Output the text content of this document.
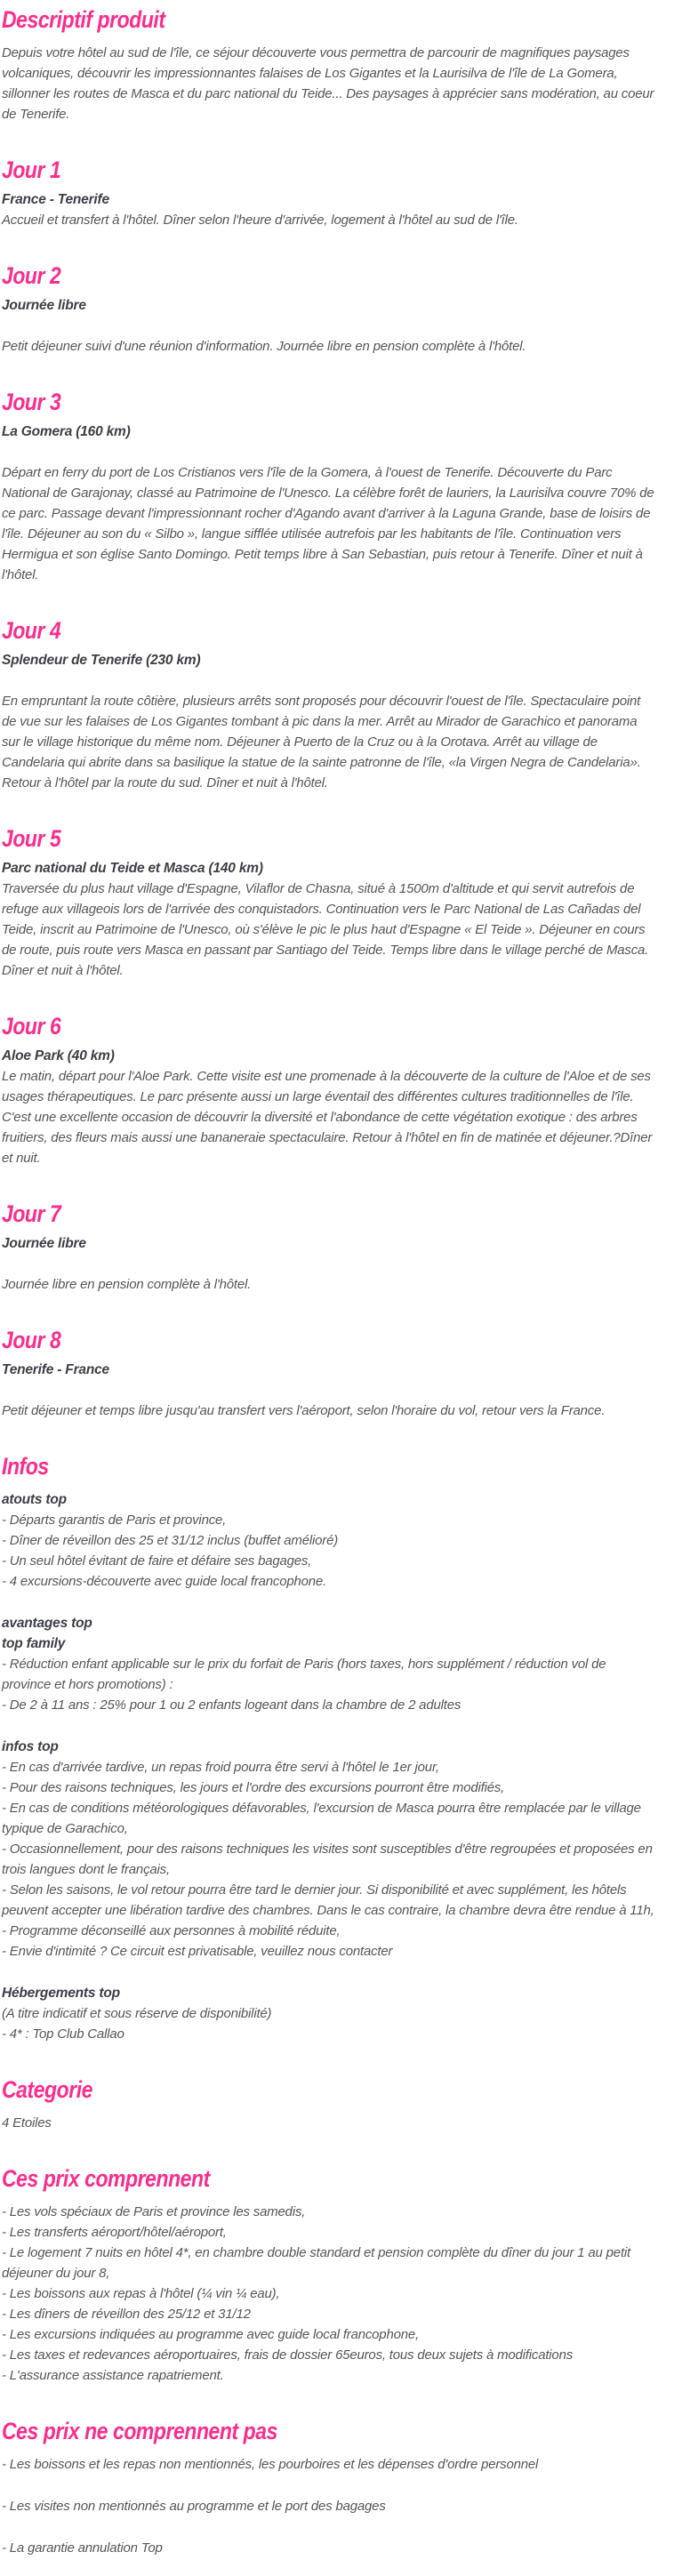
Descriptif produit

Depuis votre hôtel au sud de l'île, ce séjour découverte vous permettra de parcourir de magnifiques paysages volcaniques, découvrir les impressionnantes falaises de Los Gigantes et la Laurisilva de l'île de La Gomera, sillonner les routes de Masca et du parc national du Teide... Des paysages à apprécier sans modération, au coeur de Tenerife.

Jour 1
France - Tenerife

Accueil et transfert à l'hôtel. Dîner selon l'heure d'arrivée, logement à l'hôtel au sud de l'île.

Jour 2
Journée libre

Petit déjeuner suivi d'une réunion d'information. Journée libre en pension complète à l'hôtel.

Jour 3
La Gomera (160 km)

Départ en ferry du port de Los Cristianos vers l'île de la Gomera, à l'ouest de Tenerife. Découverte du Parc National de Garajonay, classé au Patrimoine de l'Unesco. La célèbre forêt de lauriers, la Laurisilva couvre 70% de ce parc. Passage devant l'impressionnant rocher d'Agando avant d'arriver à la Laguna Grande, base de loisirs de l'île. Déjeuner au son du « Silbo », langue sifflée utilisée autrefois par les habitants de l'île. Continuation vers Hermigua et son église Santo Domingo. Petit temps libre à San Sebastian, puis retour à Tenerife. Dîner et nuit à l'hôtel.

Jour 4
Splendeur de Tenerife (230 km)

En empruntant la route côtière, plusieurs arrêts sont proposés pour découvrir l'ouest de l'île. Spectaculaire point de vue sur les falaises de Los Gigantes tombant à pic dans la mer. Arrêt au Mirador de Garachico et panorama sur le village historique du même nom. Déjeuner à Puerto de la Cruz ou à la Orotava. Arrêt au village de Candelaria qui abrite dans sa basilique la statue de la sainte patronne de l'île, «la Virgen Negra de Candelaria». Retour à l'hôtel par la route du sud. Dîner et nuit à l'hôtel.

Jour 5
Parc national du Teide et Masca (140 km)

Traversée du plus haut village d'Espagne, Vilaflor de Chasna, situé à 1500m d'altitude et qui servit autrefois de refuge aux villageois lors de l'arrivée des conquistadors. Continuation vers le Parc National de Las Cañadas del Teide, inscrit au Patrimoine de l'Unesco, où s'élève le pic le plus haut d'Espagne « El Teide ». Déjeuner en cours de route, puis route vers Masca en passant par Santiago del Teide. Temps libre dans le village perché de Masca. Dîner et nuit à l'hôtel.

Jour 6
Aloe Park (40 km)

Le matin, départ pour l'Aloe Park. Cette visite est une promenade à la découverte de la culture de l'Aloe et de ses usages thérapeutiques. Le parc présente aussi un large éventail des différentes cultures traditionnelles de l'île. C'est une excellente occasion de découvrir la diversité et l'abondance de cette végétation exotique : des arbres fruitiers, des fleurs mais aussi une bananeraie spectaculaire. Retour à l'hôtel en fin de matinée et déjeuner.?Dîner et nuit.

Jour 7
Journée libre

Journée libre en pension complète à l'hôtel.

Jour 8
Tenerife - France

Petit déjeuner et temps libre jusqu'au transfert vers l'aéroport, selon l'horaire du vol, retour vers la France.

Infos
atouts top

- Départs garantis de Paris et province,

- Dîner de réveillon des 25 et 31/12 inclus (buffet amélioré)

- Un seul hôtel évitant de faire et défaire ses bagages,

- 4 excursions-découverte avec guide local francophone.

avantages top
top family

- Réduction enfant applicable sur le prix du forfait de Paris (hors taxes, hors supplément / réduction vol de province et hors promotions) :

- De 2 à 11 ans : 25% pour 1 ou 2 enfants logeant dans la chambre de 2 adultes

infos top

- En cas d'arrivée tardive, un repas froid pourra être servi à l'hôtel le 1er jour,

- Pour des raisons techniques, les jours et l'ordre des excursions pourront être modifiés,

- En cas de conditions météorologiques défavorables, l'excursion de Masca pourra être remplacée par le village typique de Garachico,

- Occasionnellement, pour des raisons techniques les visites sont susceptibles d'être regroupées et proposées en trois langues dont le français,

- Selon les saisons, le vol retour pourra être tard le dernier jour. Si disponibilité et avec supplément, les hôtels peuvent accepter une libération tardive des chambres. Dans le cas contraire, la chambre devra être rendue à 11h,

- Programme déconseillé aux personnes à mobilité réduite,

- Envie d'intimité ? Ce circuit est privatisable, veuillez nous contacter

Hébergements top

(A titre indicatif et sous réserve de disponibilité)

- 4* : Top Club Callao

Categorie

4 Etoiles

Ces prix comprennent

- Les vols spéciaux de Paris et province les samedis,

- Les transferts aéroport/hôtel/aéroport,

- Le logement 7 nuits en hôtel 4*, en chambre double standard et pension complète du dîner du jour 1 au petit déjeuner du jour 8,

- Les boissons aux repas à l'hôtel (¼ vin ¼ eau),

- Les dîners de réveillon des 25/12 et 31/12

- Les excursions indiquées au programme avec guide local francophone,

- Les taxes et redevances aéroportuaires, frais de dossier 65euros, tous deux sujets à modifications

- L'assurance assistance rapatriement.

Ces prix ne comprennent pas

- Les boissons et les repas non mentionnés, les pourboires et les dépenses d'ordre personnel

- Les visites non mentionnés au programme et le port des bagages

- La garantie annulation Top
